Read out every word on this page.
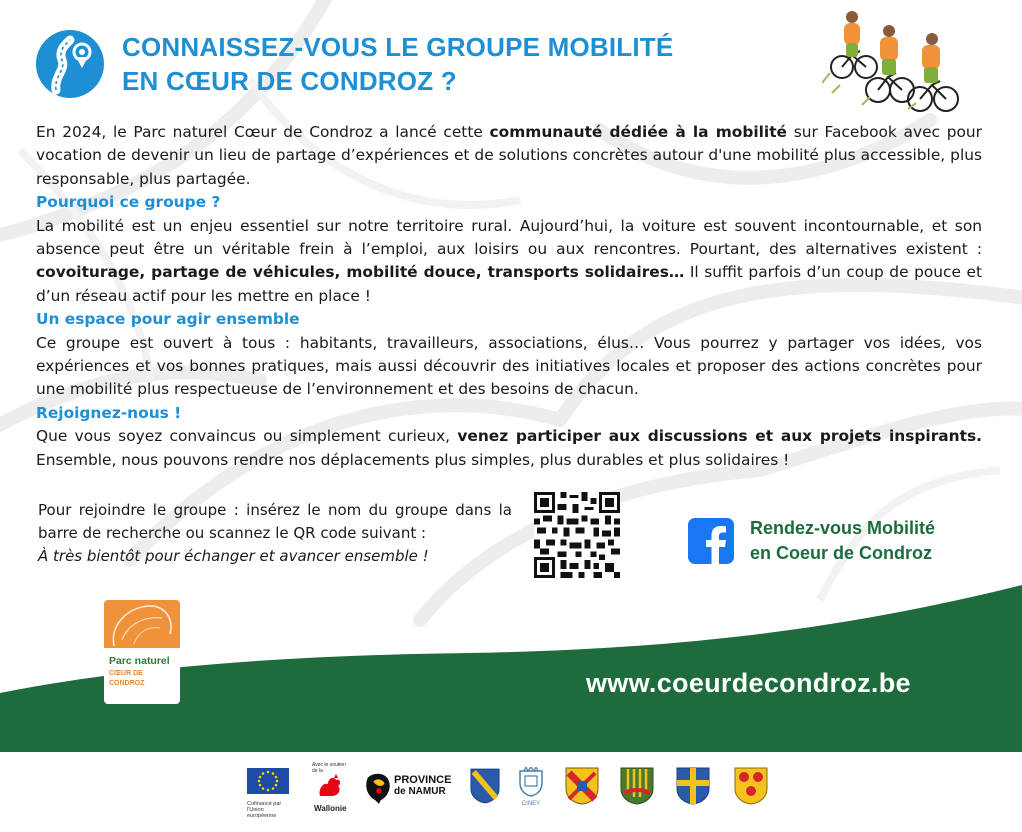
CONNAISSEZ-VOUS LE GROUPE MOBILITÉ
EN CŒUR DE CONDROZ ?

En 2024, le Parc naturel Cœur de Condroz a lancé cette communauté dédiée à la mobilité sur Facebook avec pour vocation de devenir un lieu de partage d’expériences et de solutions concrètes autour d'une mobilité plus accessible, plus responsable, plus partagée.

Pourquoi ce groupe ?

La mobilité est un enjeu essentiel sur notre territoire rural. Aujourd’hui, la voiture est souvent incontournable, et son absence peut être un véritable frein à l’emploi, aux loisirs ou aux rencontres. Pourtant, des alternatives existent : covoiturage, partage de véhicules, mobilité douce, transports solidaires… Il suffit parfois d’un coup de pouce et d’un réseau actif pour les mettre en place !

Un espace pour agir ensemble

Ce groupe est ouvert à tous : habitants, travailleurs, associations, élus… Vous pourrez y partager vos idées, vos expériences et vos bonnes pratiques, mais aussi découvrir des initiatives locales et proposer des actions concrètes pour une mobilité plus respectueuse de l’environnement et des besoins de chacun.

Rejoignez-nous !

Que vous soyez convaincus ou simplement curieux, venez participer aux discussions et aux projets inspirants. Ensemble, nous pouvons rendre nos déplacements plus simples, plus durables et plus solidaires !

Pour rejoindre le groupe : insérez le nom du groupe dans la barre de recherche ou scannez le QR code suivant :

À très bientôt pour échanger et avancer ensemble !

Rendez-vous Mobilité
en Coeur de Condroz
www.coeurdecondroz.be
Parc naturel
CŒUR DE
CONDROZ
Cofinancé par
l'Union européenne
Avec le soutien de la
Wallonie
PROVINCE
de NAMUR
CINEY
